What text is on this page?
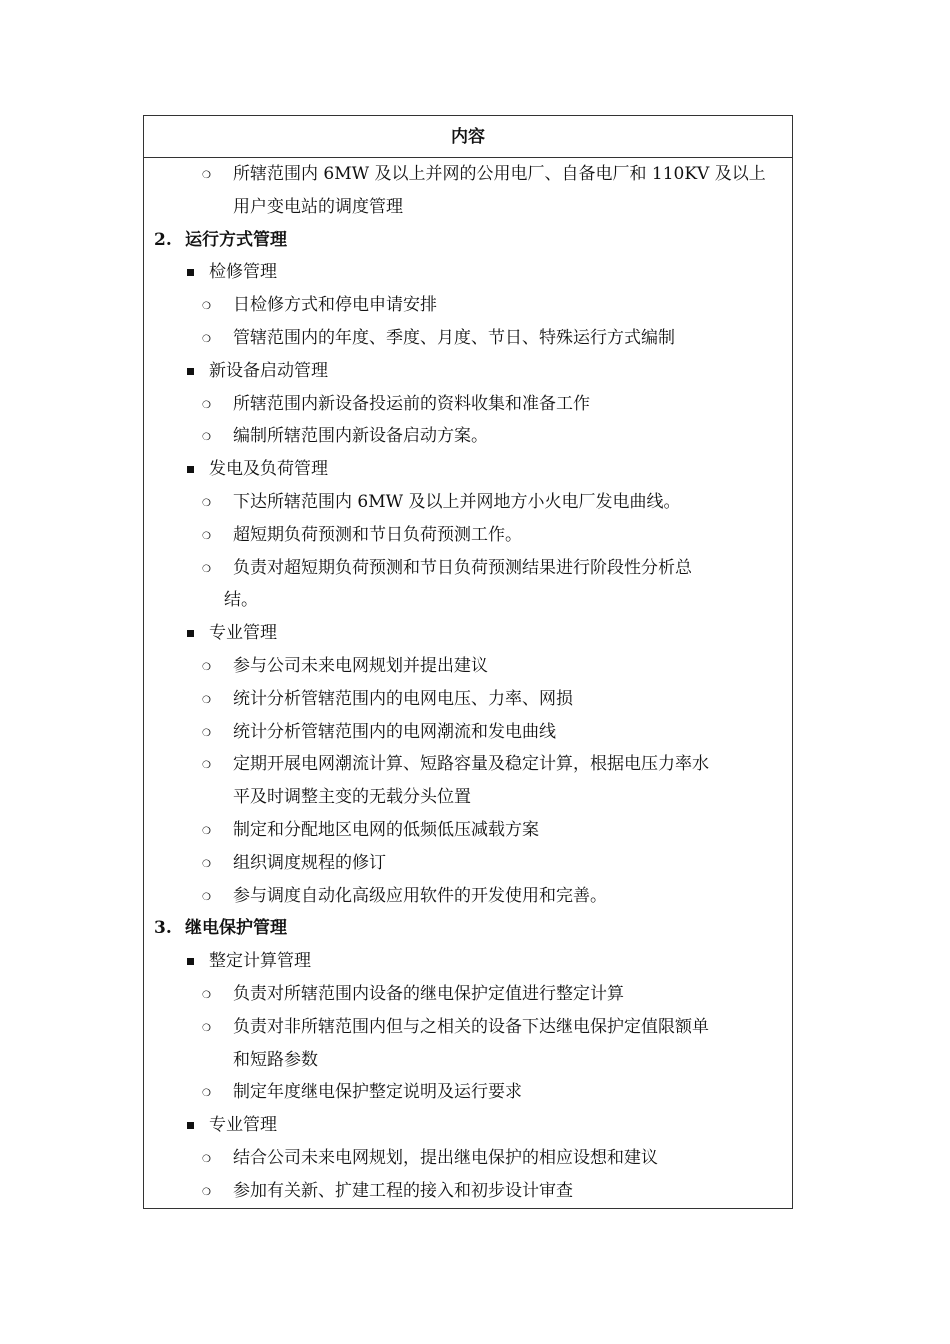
内容
❍ 所辖范围内 6MW 及以上并网的公用电厂、自备电厂和 110KV 及以上
用户变电站的调度管理
2. 运行方式管理
检修管理
❍ 日检修方式和停电申请安排
❍ 管辖范围内的年度、季度、月度、节日、特殊运行方式编制
新设备启动管理
❍ 所辖范围内新设备投运前的资料收集和准备工作
❍ 编制所辖范围内新设备启动方案。
发电及负荷管理
❍ 下达所辖范围内 6MW 及以上并网地方小火电厂发电曲线。
❍ 超短期负荷预测和节日负荷预测工作。
❍ 负责对超短期负荷预测和节日负荷预测结果进行阶段性分析总
结。
专业管理
❍ 参与公司未来电网规划并提出建议
❍ 统计分析管辖范围内的电网电压、力率、网损
❍ 统计分析管辖范围内的电网潮流和发电曲线
❍ 定期开展电网潮流计算、短路容量及稳定计算，根据电压力率水
平及时调整主变的无载分头位置
❍ 制定和分配地区电网的低频低压减载方案
❍ 组织调度规程的修订
❍ 参与调度自动化高级应用软件的开发使用和完善。
3. 继电保护管理
整定计算管理
❍ 负责对所辖范围内设备的继电保护定值进行整定计算
❍ 负责对非所辖范围内但与之相关的设备下达继电保护定值限额单
和短路参数
❍ 制定年度继电保护整定说明及运行要求
专业管理
❍ 结合公司未来电网规划，提出继电保护的相应设想和建议
❍ 参加有关新、扩建工程的接入和初步设计审查
